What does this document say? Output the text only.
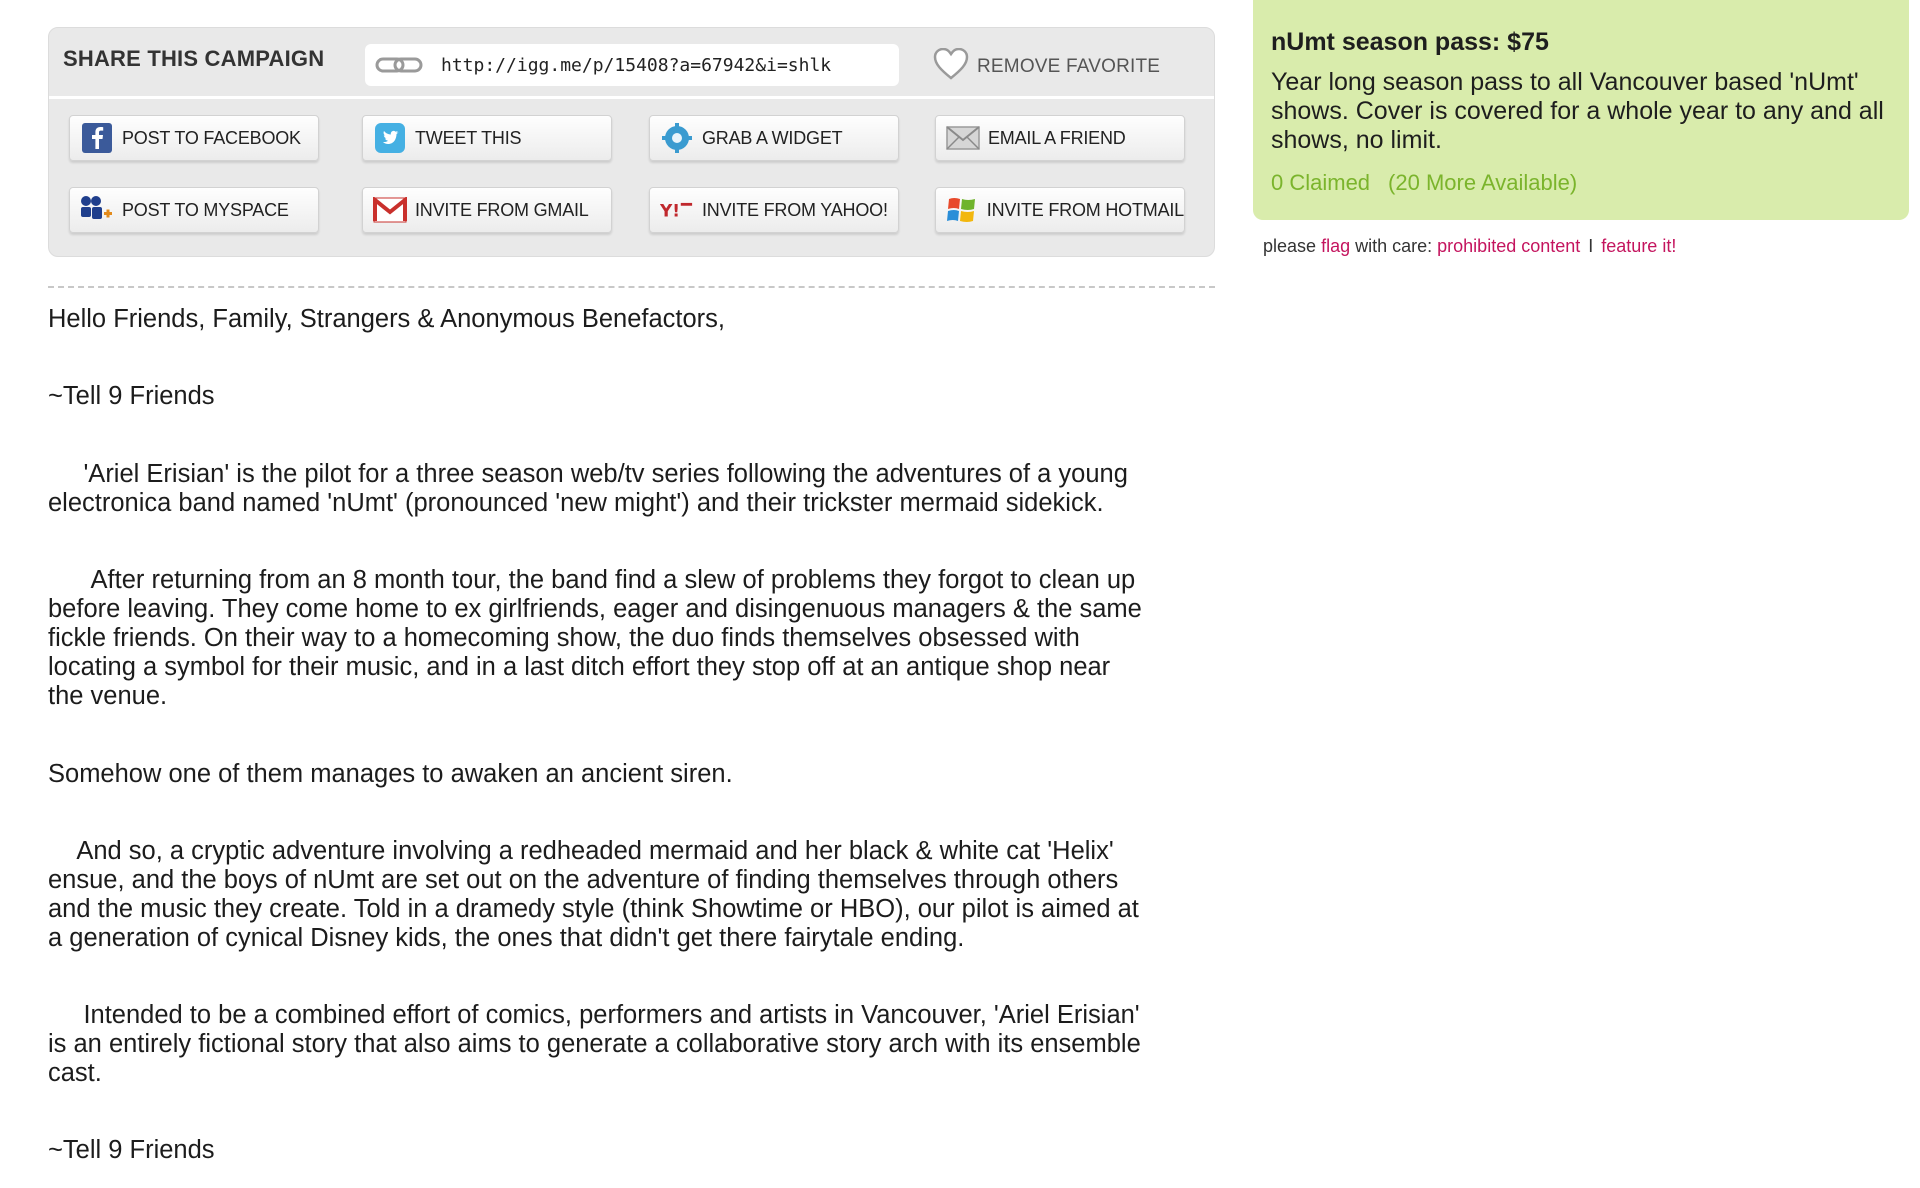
SHARE THIS CAMPAIGN	http://igg.me/p/15408?a=67942&i=shlk	REMOVE FAVORITE
POST TO FACEBOOK	TWEET THIS	GRAB A WIDGET	EMAIL A FRIEND
POST TO MYSPACE	INVITE FROM GMAIL	Y! INVITE FROM YAHOO!	INVITE FROM HOTMAIL

Hello Friends, Family, Strangers & Anonymous Benefactors,

~Tell 9 Friends

'Ariel Erisian' is the pilot for a three season web/tv series following the adventures of a young
electronica band named 'nUmt' (pronounced 'new might') and their trickster mermaid sidekick.

After returning from an 8 month tour, the band find a slew of problems they forgot to clean up
before leaving. They come home to ex girlfriends, eager and disingenuous managers & the same
fickle friends. On their way to a homecoming show, the duo finds themselves obsessed with
locating a symbol for their music, and in a last ditch effort they stop off at an antique shop near
the venue.

Somehow one of them manages to awaken an ancient siren.

And so, a cryptic adventure involving a redheaded mermaid and her black & white cat 'Helix'
ensue, and the boys of nUmt are set out on the adventure of finding themselves through others
and the music they create. Told in a dramedy style (think Showtime or HBO), our pilot is aimed at
a generation of cynical Disney kids, the ones that didn't get there fairytale ending.

Intended to be a combined effort of comics, performers and artists in Vancouver, 'Ariel Erisian'
is an entirely fictional story that also aims to generate a collaborative story arch with its ensemble
cast.

~Tell 9 Friends

nUmt season pass: $75
Year long season pass to all Vancouver based 'nUmt' shows. Cover is covered for a whole year to any and all shows, no limit.
0 Claimed (20 More Available)
please flag with care: prohibited content I feature it!
